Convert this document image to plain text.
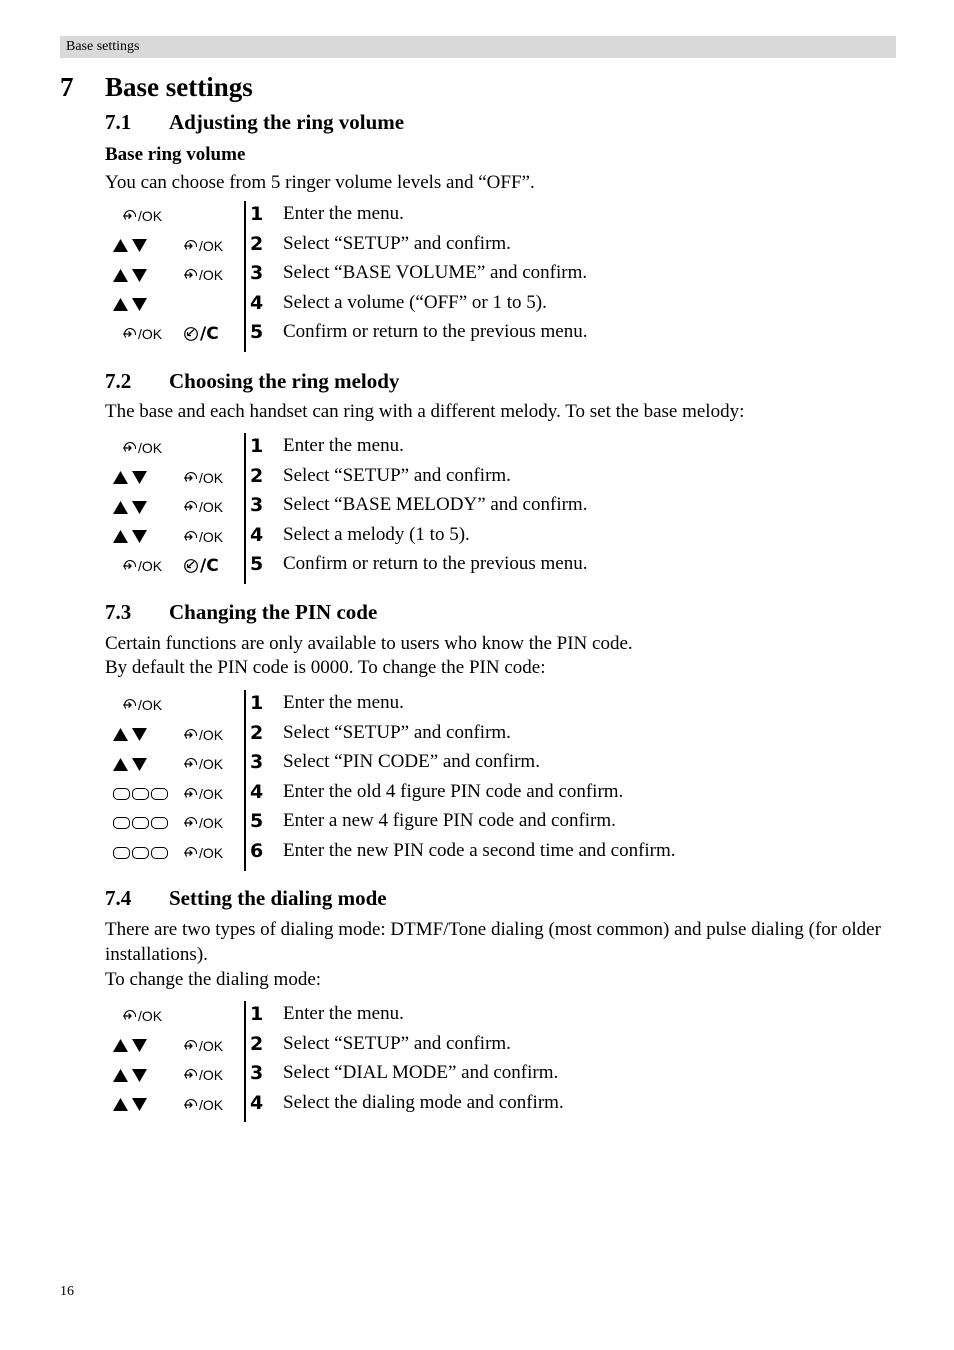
Base settings
7 Base settings
7.1 Adjusting the ring volume
Base ring volume
You can choose from 5 ringer volume levels and “OFF”.
/OK	1 Enter the menu.
/OK 2 Select “SETUP” and confirm.
/OK 3 Select “BASE VOLUME” and confirm.
4 Select a volume (“OFF” or 1 to 5).
/OK /C 5 Confirm or return to the previous menu.
7.2 Choosing the ring melody
The base and each handset can ring with a different melody. To set the base melody:
/OK	1 Enter the menu.
/OK 2 Select “SETUP” and confirm.
/OK 3 Select “BASE MELODY” and confirm.
/OK 4 Select a melody (1 to 5).
/OK /C 5 Confirm or return to the previous menu.
7.3 Changing the PIN code
Certain functions are only available to users who know the PIN code.
By default the PIN code is 0000. To change the PIN code:
/OK	1 Enter the menu.
/OK 2 Select “SETUP” and confirm.
/OK 3 Select “PIN CODE” and confirm.
/OK 4 Enter the old 4 figure PIN code and confirm.
/OK 5 Enter a new 4 figure PIN code and confirm.
/OK 6 Enter the new PIN code a second time and confirm.
7.4 Setting the dialing mode
There are two types of dialing mode: DTMF/Tone dialing (most common) and pulse dialing (for older installations).
To change the dialing mode:
/OK	1 Enter the menu.
/OK 2 Select “SETUP” and confirm.
/OK 3 Select “DIAL MODE” and confirm.
/OK 4 Select the dialing mode and confirm.
16
